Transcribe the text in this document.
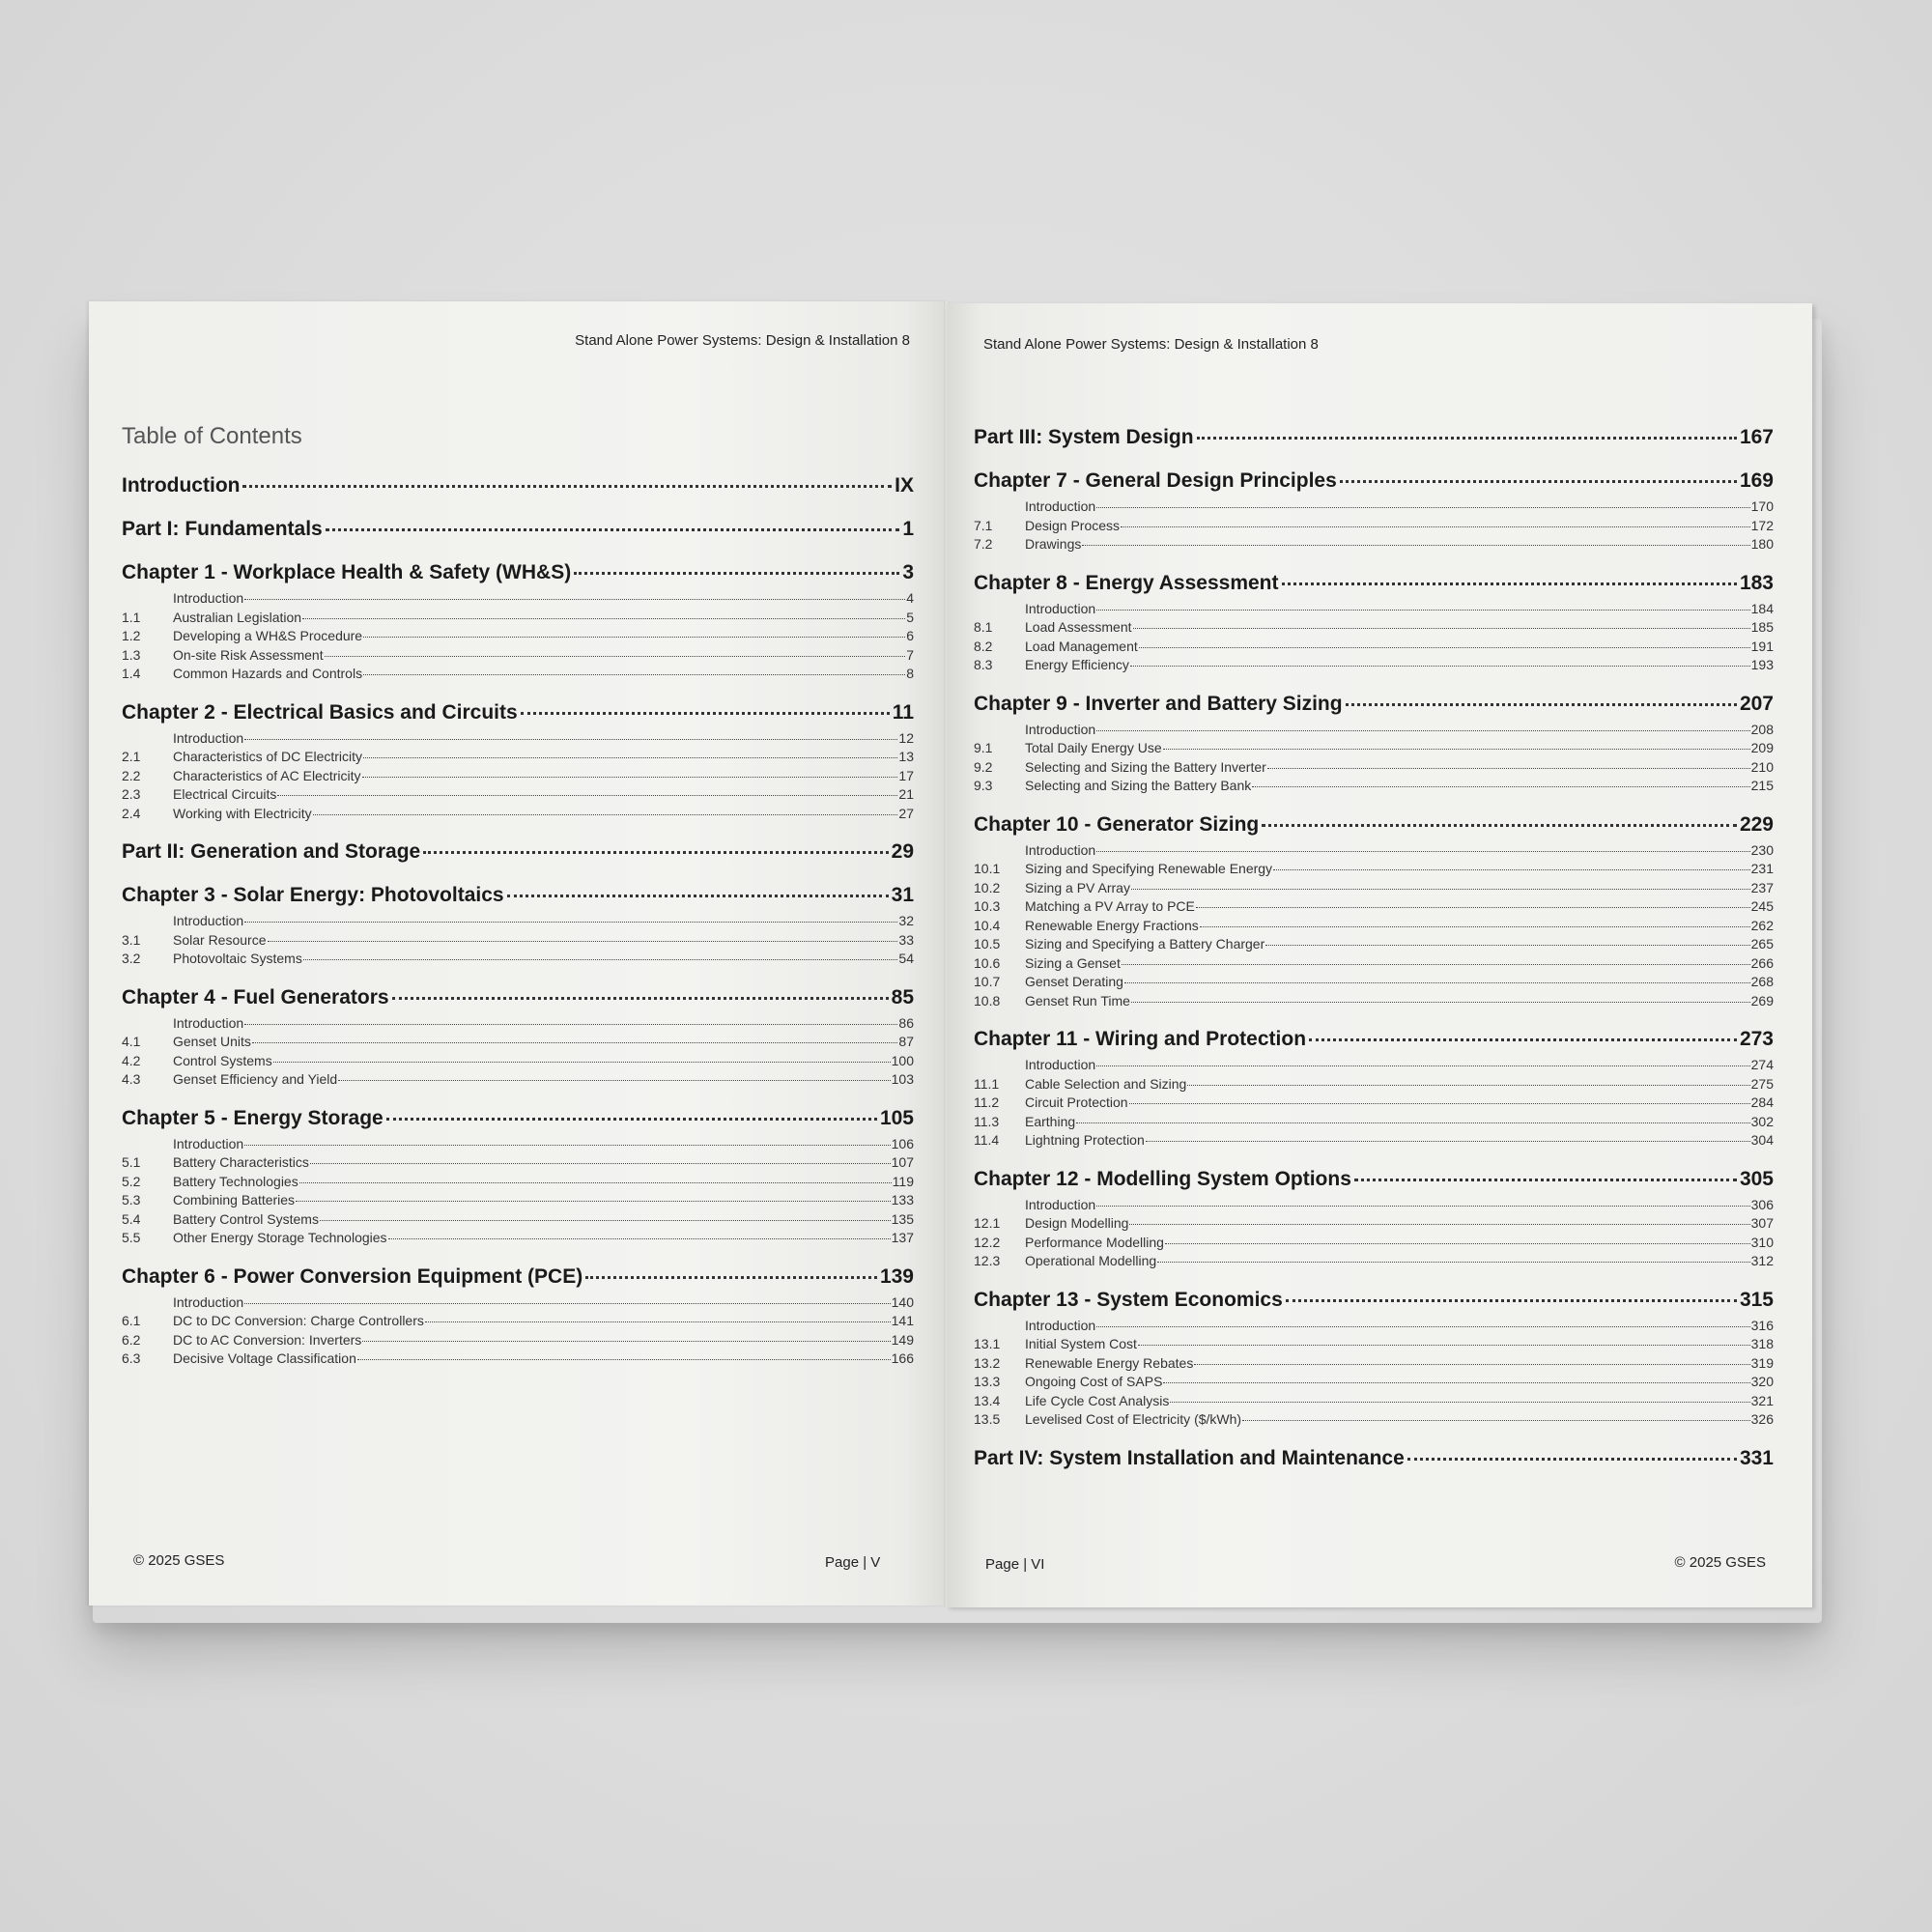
Stand Alone Power Systems: Design & Installation 8
Table of Contents
Introduction	IX
Part I: Fundamentals	1
Chapter 1 - Workplace Health & Safety (WH&S)	3
Introduction	4
1.1	Australian Legislation	5
1.2	Developing a WH&S Procedure	6
1.3	On-site Risk Assessment	7
1.4	Common Hazards and Controls	8
Chapter 2 - Electrical Basics and Circuits	11
Introduction	12
2.1	Characteristics of DC Electricity	13
2.2	Characteristics of AC Electricity	17
2.3	Electrical Circuits	21
2.4	Working with Electricity	27
Part II: Generation and Storage	29
Chapter 3 - Solar Energy: Photovoltaics	31
Introduction	32
3.1	Solar Resource	33
3.2	Photovoltaic Systems	54
Chapter 4 - Fuel Generators	85
Introduction	86
4.1	Genset Units	87
4.2	Control Systems	100
4.3	Genset Efficiency and Yield	103
Chapter 5 - Energy Storage	105
Introduction	106
5.1	Battery Characteristics	107
5.2	Battery Technologies	119
5.3	Combining Batteries	133
5.4	Battery Control Systems	135
5.5	Other Energy Storage Technologies	137
Chapter 6 - Power Conversion Equipment (PCE)	139
Introduction	140
6.1	DC to DC Conversion: Charge Controllers	141
6.2	DC to AC Conversion: Inverters	149
6.3	Decisive Voltage Classification	166
© 2025 GSES	Page | V
Stand Alone Power Systems: Design & Installation 8
Part III: System Design	167
Chapter 7 - General Design Principles	169
Introduction	170
7.1	Design Process	172
7.2	Drawings	180
Chapter 8 - Energy Assessment	183
Introduction	184
8.1	Load Assessment	185
8.2	Load Management	191
8.3	Energy Efficiency	193
Chapter 9 - Inverter and Battery Sizing	207
Introduction	208
9.1	Total Daily Energy Use	209
9.2	Selecting and Sizing the Battery Inverter	210
9.3	Selecting and Sizing the Battery Bank	215
Chapter 10 - Generator Sizing	229
Introduction	230
10.1	Sizing and Specifying Renewable Energy	231
10.2	Sizing a PV Array	237
10.3	Matching a PV Array to PCE	245
10.4	Renewable Energy Fractions	262
10.5	Sizing and Specifying a Battery Charger	265
10.6	Sizing a Genset	266
10.7	Genset Derating	268
10.8	Genset Run Time	269
Chapter 11 - Wiring and Protection	273
Introduction	274
11.1	Cable Selection and Sizing	275
11.2	Circuit Protection	284
11.3	Earthing	302
11.4	Lightning Protection	304
Chapter 12 - Modelling System Options	305
Introduction	306
12.1	Design Modelling	307
12.2	Performance Modelling	310
12.3	Operational Modelling	312
Chapter 13 - System Economics	315
Introduction	316
13.1	Initial System Cost	318
13.2	Renewable Energy Rebates	319
13.3	Ongoing Cost of SAPS	320
13.4	Life Cycle Cost Analysis	321
13.5	Levelised Cost of Electricity ($/kWh)	326
Part IV: System Installation and Maintenance	331
Page | VI	© 2025 GSES
